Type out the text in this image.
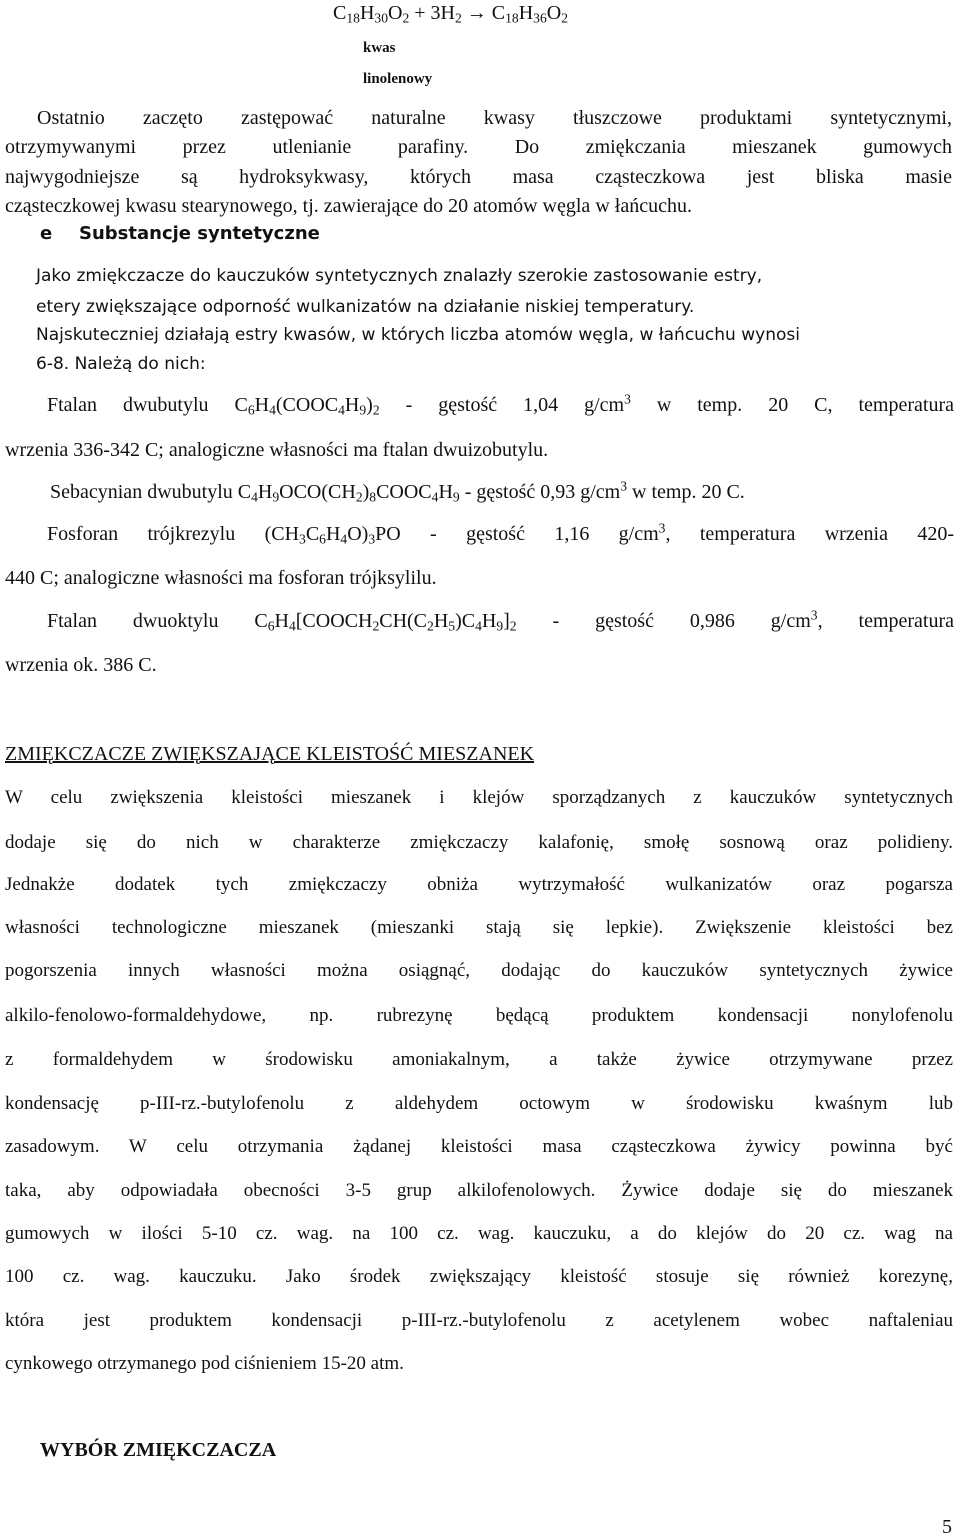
$C_{18}H_{30}O_2 + 3H_2 \to C_{18}H_{36}O_2$
kwas
linolenowy
Ostatnio zaczęto zastępować naturalne kwasy tłuszczowe produktami syntetycznymi,
otrzymywanymi przez utlenianie parafiny. Do zmiękczania mieszanek gumowych
najwygodniejsze są hydroksykwasy, których masa cząsteczkowa jest bliska masie
cząsteczkowej kwasu stearynowego, tj. zawierające do 20 atomów węgla w łańcuchu.
e Substancje syntetyczne
Jako zmiękczacze do kauczuków syntetycznych znalazły szerokie zastosowanie estry,
etery zwiększające odporność wulkanizatów na działanie niskiej temperatury.
Najskuteczniej działają estry kwasów, w których liczba atomów węgla, w łańcuchu wynosi
6-8. Należą do nich:
Ftalan dwubutylu $C_6H_4(COOC_4H_9)_2$ - gęstość 1,04 $g/cm^3$ w temp. 20 C, temperatura
wrzenia 336-342 C; analogiczne własności ma ftalan dwuizobutylu.
Sebacynian dwubutylu $C_4H_9OCO(CH_2)_8COOC_4H_9$ - gęstość 0,93 $g/cm^3$ w temp. 20 C.
Fosforan trójkrezylu $(CH_3C_6H_4O)_3PO$ - gęstość 1,16 $g/cm^3$, temperatura wrzenia 420-
440 C; analogiczne własności ma fosforan trójksylilu.
Ftalan dwuoktylu $C_6H_4[COOCH_2CH(C_2H_5)C_4H_9]_2$ - gęstość 0,986 $g/cm^3$, temperatura
wrzenia ok. 386 C.
ZMIĘKCZACZE ZWIĘKSZAJĄCE KLEISTOŚĆ MIESZANEK
W celu zwiększenia kleistości mieszanek i klejów sporządzanych z kauczuków syntetycznych
dodaje się do nich w charakterze zmiękczaczy kalafonię, smołę sosnową oraz polidieny.
Jednakże dodatek tych zmiękczaczy obniża wytrzymałość wulkanizatów oraz pogarsza
własności technologiczne mieszanek (mieszanki stają się lepkie). Zwiększenie kleistości bez
pogorszenia innych własności można osiągnąć, dodając do kauczuków syntetycznych żywice
alkilo-fenolowo-formaldehydowe, np. rubrezynę będącą produktem kondensacji nonylofenolu
z formaldehydem w środowisku amoniakalnym, a także żywice otrzymywane przez
kondensację p-III-rz.-butylofenolu z aldehydem octowym w środowisku kwaśnym lub
zasadowym. W celu otrzymania żądanej kleistości masa cząsteczkowa żywicy powinna być
taka, aby odpowiadała obecności 3-5 grup alkilofenolowych. Żywice dodaje się do mieszanek
gumowych w ilości 5-10 cz. wag. na 100 cz. wag. kauczuku, a do klejów do 20 cz. wag na
100 cz. wag. kauczuku. Jako środek zwiększający kleistość stosuje się również korezynę,
która jest produktem kondensacji p-III-rz.-butylofenolu z acetylenem wobec naftaleniau
cynkowego otrzymanego pod ciśnieniem 15-20 atm.
WYBÓR ZMIĘKCZACZA
5
